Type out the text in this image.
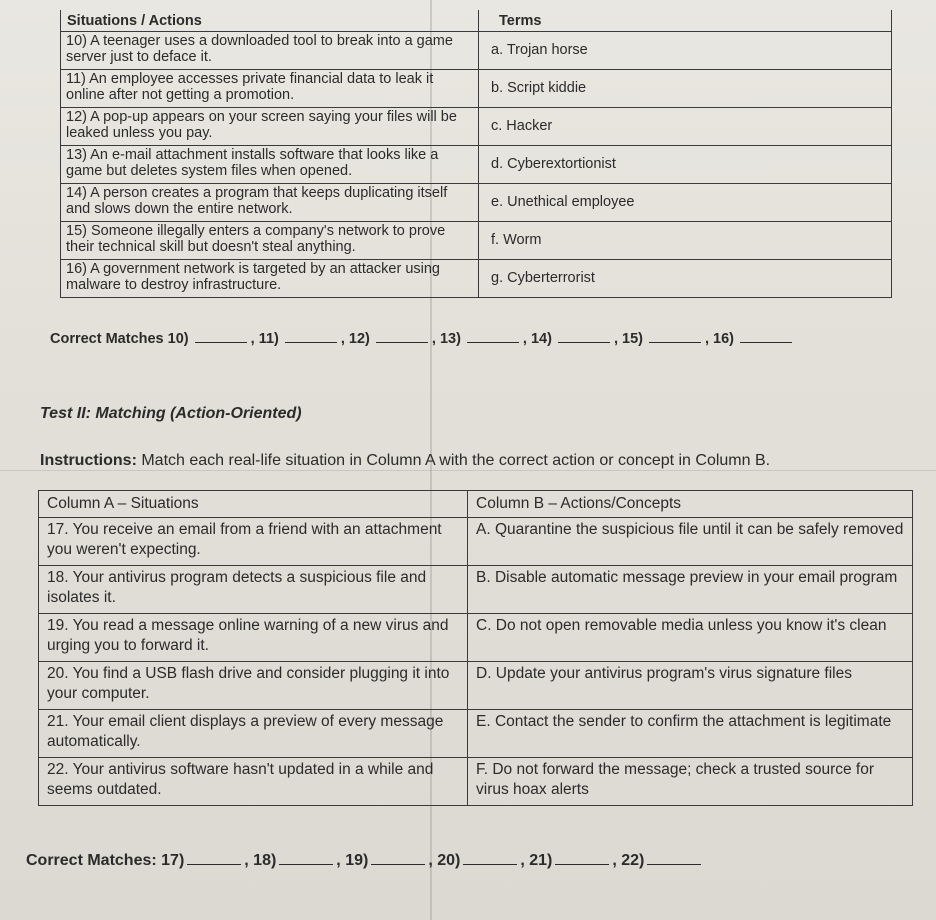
Situations / Actions	Terms
10) A teenager uses a downloaded tool to break into a game server just to deface it.	a. Trojan horse
11) An employee accesses private financial data to leak it online after not getting a promotion.	b. Script kiddie
12) A pop-up appears on your screen saying your files will be leaked unless you pay.	c. Hacker
13) An e-mail attachment installs software that looks like a game but deletes system files when opened.	d. Cyberextortionist
14) A person creates a program that keeps duplicating itself and slows down the entire network.	e. Unethical employee
15) Someone illegally enters a company's network to prove their technical skill but doesn't steal anything.	f. Worm
16) A government network is targeted by an attacker using malware to destroy infrastructure.	g. Cyberterrorist
Correct Matches 10)	, 11)	, 12)	, 13)	, 14)	, 15)	, 16)
Test II: Matching (Action-Oriented)
Instructions: Match each real-life situation in Column A with the correct action or concept in Column B.
Column A – Situations	Column B – Actions/Concepts
17. You receive an email from a friend with an attachment you weren't expecting.	A. Quarantine the suspicious file until it can be safely removed
18. Your antivirus program detects a suspicious file and isolates it.	B. Disable automatic message preview in your email program
19. You read a message online warning of a new virus and urging you to forward it.	C. Do not open removable media unless you know it's clean
20. You find a USB flash drive and consider plugging it into your computer.	D. Update your antivirus program's virus signature files
21. Your email client displays a preview of every message automatically.	E. Contact the sender to confirm the attachment is legitimate
22. Your antivirus software hasn't updated in a while and seems outdated.	F. Do not forward the message; check a trusted source for virus hoax alerts
Correct Matches: 17)	, 18)	, 19)	, 20)	, 21)	, 22)
